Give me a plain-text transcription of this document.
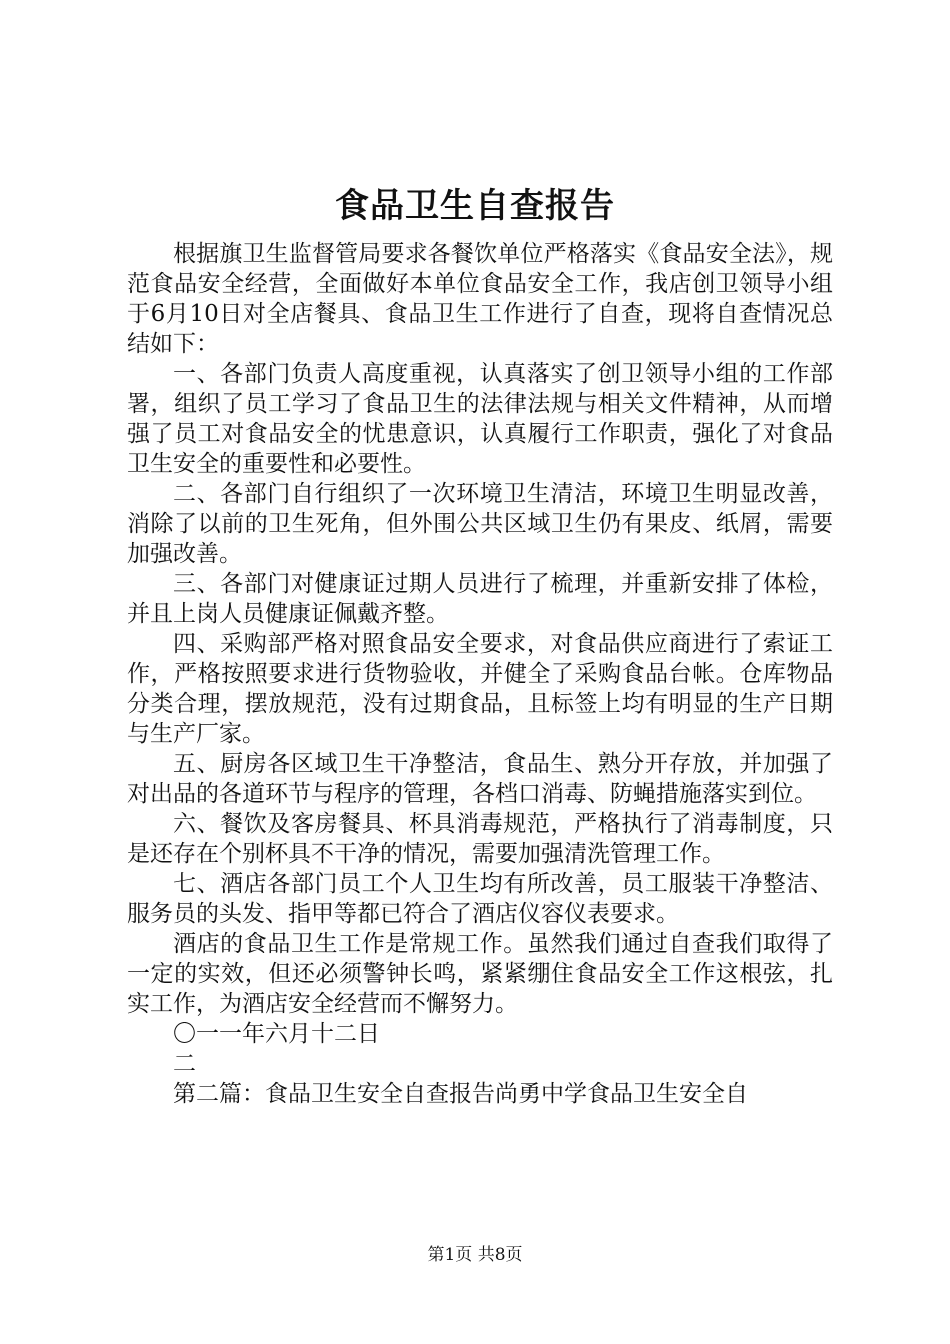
食品卫生自查报告

根据旗卫生监督管局要求各餐饮单位严格落实《食品安全法》，规范食品安全经营，全面做好本单位食品安全工作，我店创卫领导小组于6月10日对全店餐具、食品卫生工作进行了自查，现将自查情况总结如下：

一、各部门负责人高度重视，认真落实了创卫领导小组的工作部署，组织了员工学习了食品卫生的法律法规与相关文件精神，从而增强了员工对食品安全的忧患意识，认真履行工作职责，强化了对食品卫生安全的重要性和必要性。

二、各部门自行组织了一次环境卫生清洁，环境卫生明显改善，消除了以前的卫生死角，但外围公共区域卫生仍有果皮、纸屑，需要加强改善。

三、各部门对健康证过期人员进行了梳理，并重新安排了体检，并且上岗人员健康证佩戴齐整。

四、采购部严格对照食品安全要求，对食品供应商进行了索证工作，严格按照要求进行货物验收，并健全了采购食品台帐。仓库物品分类合理，摆放规范，没有过期食品，且标签上均有明显的生产日期与生产厂家。

五、厨房各区域卫生干净整洁，食品生、熟分开存放，并加强了对出品的各道环节与程序的管理，各档口消毒、防蝇措施落实到位。

六、餐饮及客房餐具、杯具消毒规范，严格执行了消毒制度，只是还存在个别杯具不干净的情况，需要加强清洗管理工作。

七、酒店各部门员工个人卫生均有所改善，员工服装干净整洁、服务员的头发、指甲等都已符合了酒店仪容仪表要求。

酒店的食品卫生工作是常规工作。虽然我们通过自查我们取得了一定的实效，但还必须警钟长鸣，紧紧绷住食品安全工作这根弦，扎实工作，为酒店安全经营而不懈努力。

〇一一年六月十二日

二

第二篇：食品卫生安全自查报告尚勇中学食品卫生安全自

第1页 共8页
